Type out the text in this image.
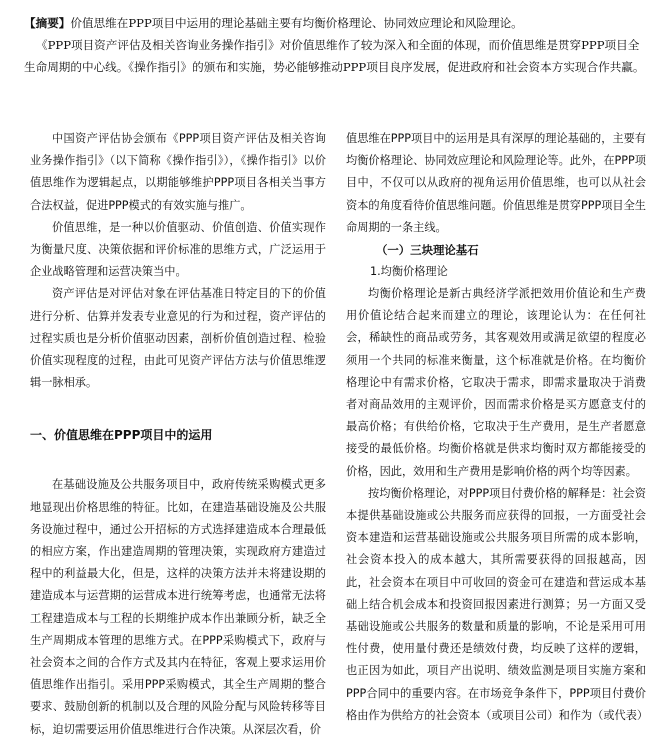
【摘要】价值思维在PPP项目中运用的理论基础主要有均衡价格理论、协同效应理论和风险理论。

《PPP项目资产评估及相关咨询业务操作指引》对价值思维作了较为深入和全面的体现，而价值思维是贯穿PPP项目全生命周期的中心线。《操作指引》的颁布和实施，势必能够推动PPP项目良序发展，促进政府和社会资本方实现合作共赢。

中国资产评估协会颁布《PPP项目资产评估及相关咨询业务操作指引》（以下简称《操作指引》），《操作指引》以价值思维作为逻辑起点，以期能够维护PPP项目各相关当事方合法权益，促进PPP模式的有效实施与推广。

价值思维，是一种以价值驱动、价值创造、价值实现作为衡量尺度、决策依据和评价标准的思维方式，广泛运用于企业战略管理和运营决策当中。

资产评估是对评估对象在评估基准日特定目的下的价值进行分析、估算并发表专业意见的行为和过程，资产评估的过程实质也是分析价值驱动因素，剖析价值创造过程、检验价值实现程度的过程，由此可见资产评估方法与价值思维逻辑一脉相承。

一、价值思维在PPP项目中的运用

在基础设施及公共服务项目中，政府传统采购模式更多地显现出价格思维的特征。比如，在建造基础设施及公共服务设施过程中，通过公开招标的方式选择建造成本合理最低的相应方案，作出建造周期的管理决策，实现政府方建造过程中的利益最大化，但是，这样的决策方法并未将建设期的建造成本与运营期的运营成本进行统筹考虑，也通常无法将工程建造成本与工程的长期维护成本作出兼顾分析，缺乏全生产周期成本管理的思维方式。在PPP采购模式下，政府与社会资本之间的合作方式及其内在特征，客观上要求运用价值思维作出指引。采用PPP采购模式，其全生产周期的整合要求、鼓励创新的机制以及合理的风险分配与风险转移等目标，迫切需要运用价值思维进行合作决策。从深层次看，价

值思维在PPP项目中的运用是具有深厚的理论基础的，主要有均衡价格理论、协同效应理论和风险理论等。此外，在PPP项目中，不仅可以从政府的视角运用价值思维，也可以从社会资本的角度看待价值思维问题。价值思维是贯穿PPP项目全生命周期的一条主线。

（一）三块理论基石
1.均衡价格理论

均衡价格理论是新古典经济学派把效用价值论和生产费用价值论结合起来而建立的理论，该理论认为：在任何社会，稀缺性的商品或劳务，其客观效用或满足欲望的程度必须用一个共同的标准来衡量，这个标准就是价格。在均衡价格理论中有需求价格，它取决于需求，即需求量取决于消费者对商品效用的主观评价，因而需求价格是买方愿意支付的最高价格；有供给价格，它取决于生产费用，是生产者愿意接受的最低价格。均衡价格就是供求均衡时双方都能接受的价格，因此，效用和生产费用是影响价格的两个均等因素。

按均衡价格理论，对PPP项目付费价格的解释是：社会资本提供基础设施或公共服务而应获得的回报，一方面受社会资本建造和运营基础设施或公共服务项目所需的成本影响，社会资本投入的成本越大，其所需要获得的回报越高，因此，社会资本在项目中可收回的资金可在建造和营运成本基础上结合机会成本和投资回报因素进行测算；另一方面又受基础设施或公共服务的数量和质量的影响，不论是采用可用性付费，使用量付费还是绩效付费，均反映了这样的逻辑，也正因为如此，项目产出说明、绩效监测是项目实施方案和PPP合同中的重要内容。在市场竞争条件下，PPP项目付费价格由作为供给方的社会资本（或项目公司）和作为（或代表）
